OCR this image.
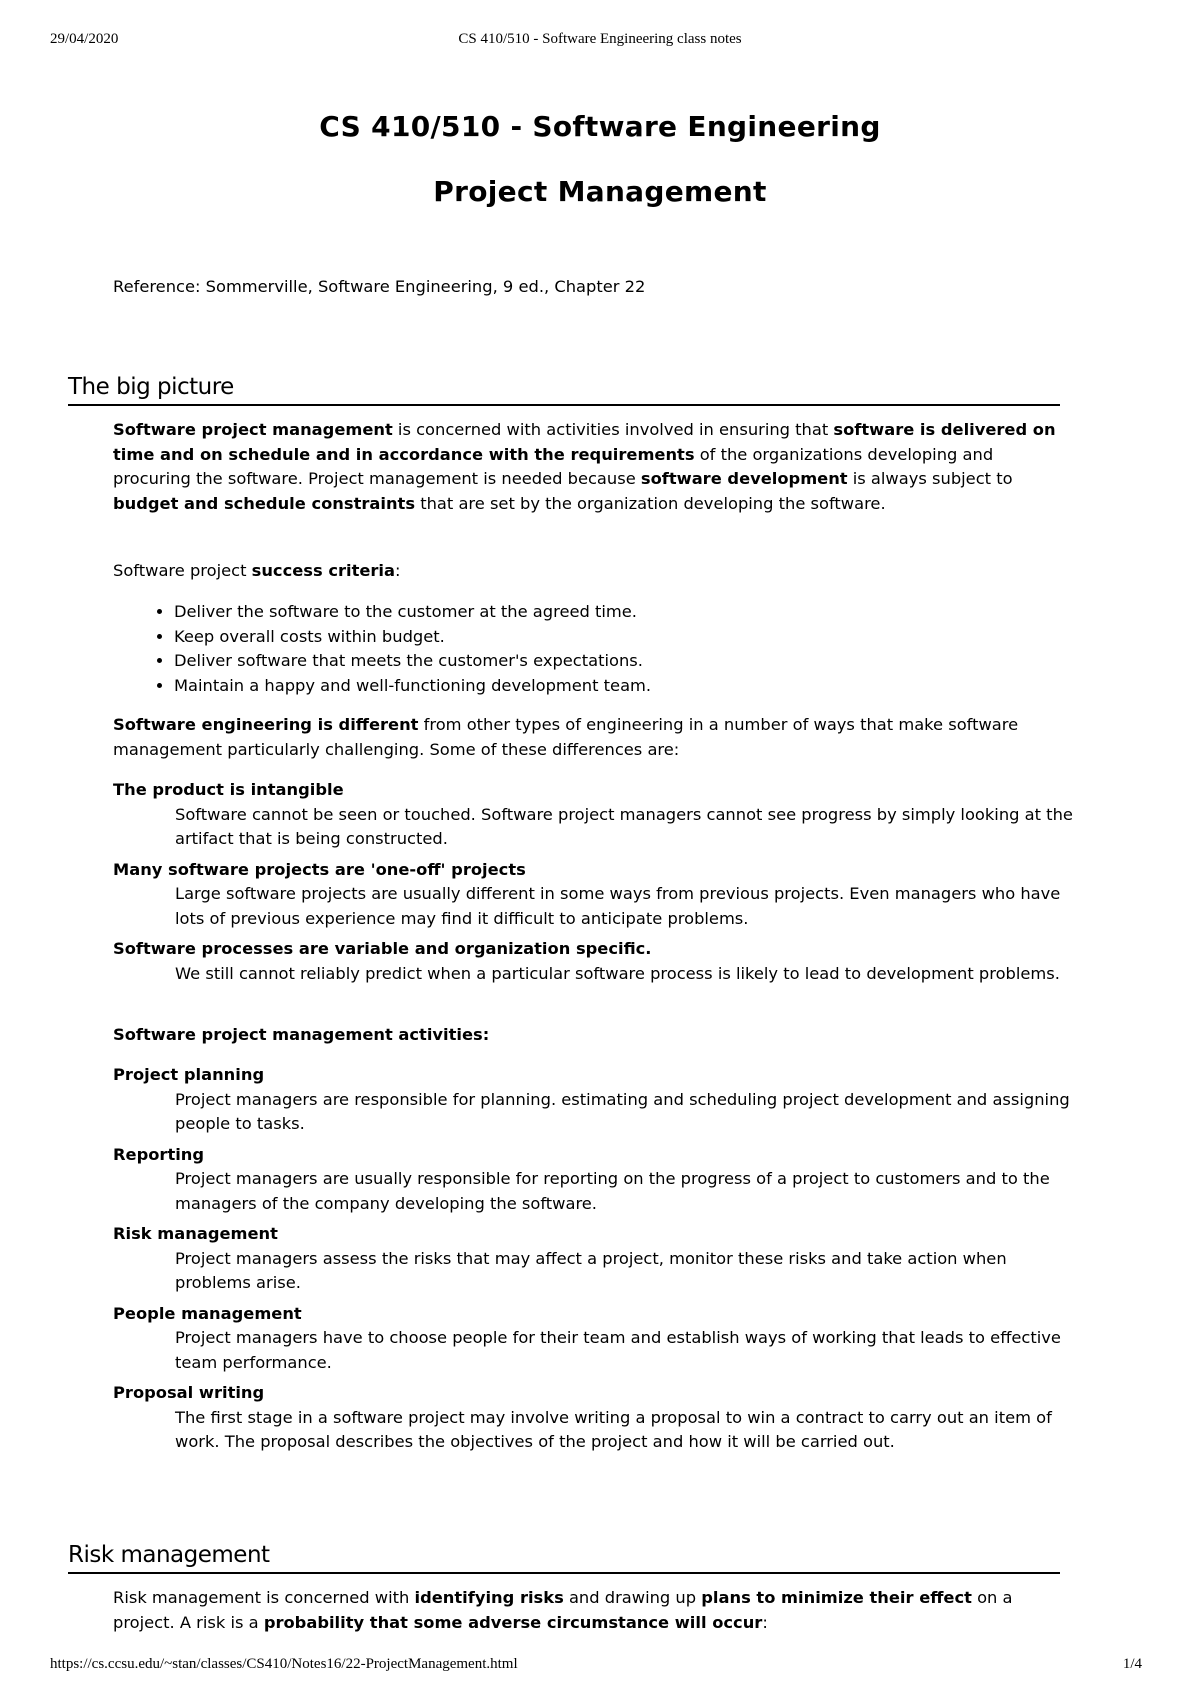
29/04/2020	CS 410/510 - Software Engineering class notes
CS 410/510 - Software Engineering
Project Management
Reference: Sommerville, Software Engineering, 9 ed., Chapter 22
The big picture

Software project management is concerned with activities involved in ensuring that software is delivered on time and on schedule and in accordance with the requirements of the organizations developing and procuring the software. Project management is needed because software development is always subject to budget and schedule constraints that are set by the organization developing the software.

Software project success criteria:

• Deliver the software to the customer at the agreed time.
• Keep overall costs within budget.
• Deliver software that meets the customer's expectations.
• Maintain a happy and well-functioning development team.

Software engineering is different from other types of engineering in a number of ways that make software management particularly challenging. Some of these differences are:

The product is intangible
Software cannot be seen or touched. Software project managers cannot see progress by simply looking at the artifact that is being constructed.
Many software projects are 'one-off' projects
Large software projects are usually different in some ways from previous projects. Even managers who have lots of previous experience may find it difficult to anticipate problems.
Software processes are variable and organization specific.
We still cannot reliably predict when a particular software process is likely to lead to development problems.

Software project management activities:

Project planning
Project managers are responsible for planning. estimating and scheduling project development and assigning people to tasks.
Reporting
Project managers are usually responsible for reporting on the progress of a project to customers and to the managers of the company developing the software.
Risk management
Project managers assess the risks that may affect a project, monitor these risks and take action when problems arise.
People management
Project managers have to choose people for their team and establish ways of working that leads to effective team performance.
Proposal writing
The first stage in a software project may involve writing a proposal to win a contract to carry out an item of work. The proposal describes the objectives of the project and how it will be carried out.
Risk management

Risk management is concerned with identifying risks and drawing up plans to minimize their effect on a project. A risk is a probability that some adverse circumstance will occur:

https://cs.ccsu.edu/~stan/classes/CS410/Notes16/22-ProjectManagement.html	1/4
